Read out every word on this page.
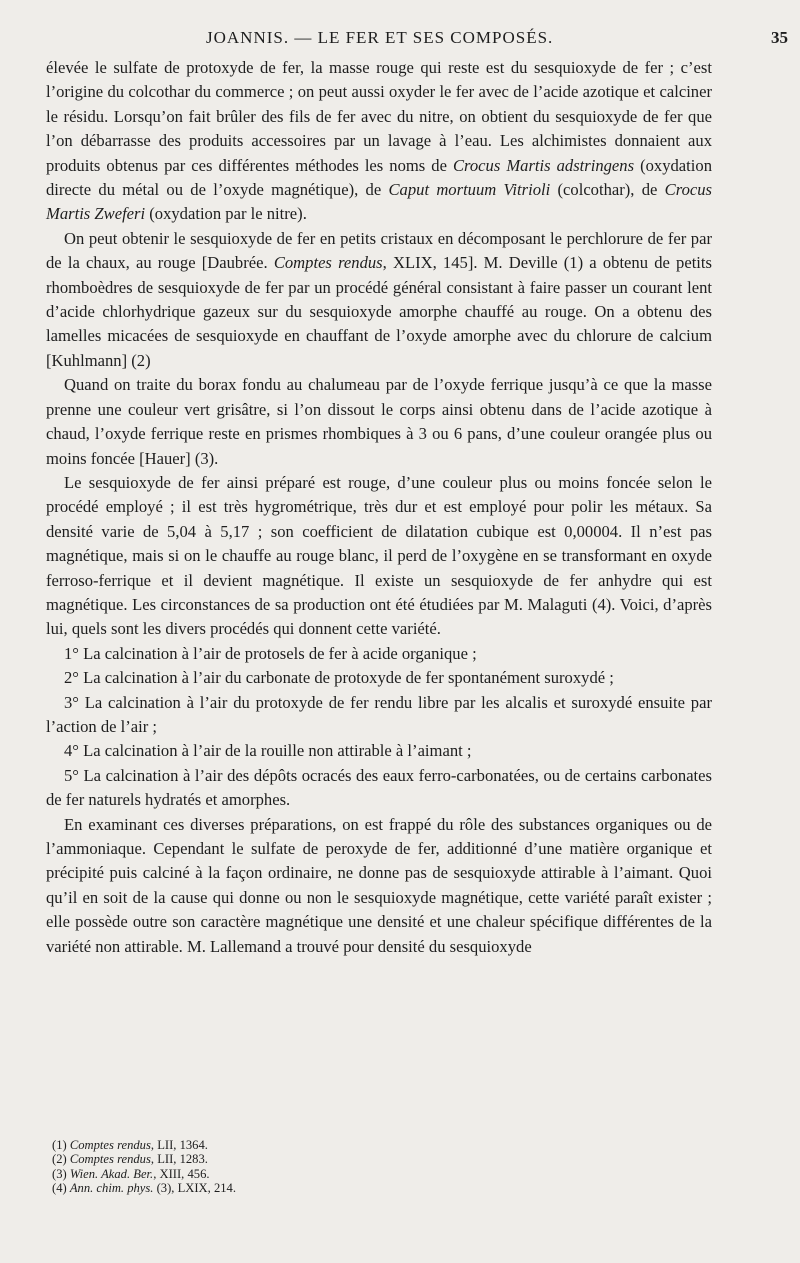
JOANNIS. — LE FER ET SES COMPOSÉS.	35

élevée le sulfate de protoxyde de fer, la masse rouge qui reste est du sesquioxyde de fer ; c’est l’origine du colcothar du commerce ; on peut aussi oxyder le fer avec de l’acide azotique et calciner le résidu. Lorsqu’on fait brûler des fils de fer avec du nitre, on obtient du sesquioxyde de fer que l’on débarrasse des produits accessoires par un lavage à l’eau. Les alchimistes donnaient aux produits obtenus par ces différentes méthodes les noms de Crocus Martis adstringens (oxydation directe du métal ou de l’oxyde magnétique), de Caput mortuum Vitrioli (colcothar), de Crocus Martis Zweferi (oxydation par le nitre).

On peut obtenir le sesquioxyde de fer en petits cristaux en décomposant le perchlorure de fer par de la chaux, au rouge [Daubrée. Comptes rendus, XLIX, 145]. M. Deville (1) a obtenu de petits rhomboèdres de sesquioxyde de fer par un procédé général consistant à faire passer un courant lent d’acide chlorhydrique gazeux sur du sesquioxyde amorphe chauffé au rouge. On a obtenu des lamelles micacées de sesquioxyde en chauffant de l’oxyde amorphe avec du chlorure de calcium [Kuhlmann] (2)

Quand on traite du borax fondu au chalumeau par de l’oxyde ferrique jusqu’à ce que la masse prenne une couleur vert grisâtre, si l’on dissout le corps ainsi obtenu dans de l’acide azotique à chaud, l’oxyde ferrique reste en prismes rhombiques à 3 ou 6 pans, d’une couleur orangée plus ou moins foncée [Hauer] (3).

Le sesquioxyde de fer ainsi préparé est rouge, d’une couleur plus ou moins foncée selon le procédé employé ; il est très hygrométrique, très dur et est employé pour polir les métaux. Sa densité varie de 5,04 à 5,17 ; son coefficient de dilatation cubique est 0,00004. Il n’est pas magnétique, mais si on le chauffe au rouge blanc, il perd de l’oxygène en se transformant en oxyde ferroso-ferrique et il devient magnétique. Il existe un sesquioxyde de fer anhydre qui est magnétique. Les circonstances de sa production ont été étudiées par M. Malaguti (4). Voici, d’après lui, quels sont les divers procédés qui donnent cette variété.

1° La calcination à l’air de protosels de fer à acide organique ;

2° La calcination à l’air du carbonate de protoxyde de fer spontanément suroxydé ;

3° La calcination à l’air du protoxyde de fer rendu libre par les alcalis et suroxydé ensuite par l’action de l’air ;

4° La calcination à l’air de la rouille non attirable à l’aimant ;

5° La calcination à l’air des dépôts ocracés des eaux ferro-carbonatées, ou de certains carbonates de fer naturels hydratés et amorphes.

En examinant ces diverses préparations, on est frappé du rôle des substances organiques ou de l’ammoniaque. Cependant le sulfate de peroxyde de fer, additionné d’une matière organique et précipité puis calciné à la façon ordinaire, ne donne pas de sesquioxyde attirable à l’aimant. Quoi qu’il en soit de la cause qui donne ou non le sesquioxyde magnétique, cette variété paraît exister ; elle possède outre son caractère magnétique une densité et une chaleur spécifique différentes de la variété non attirable. M. Lallemand a trouvé pour densité du sesquioxyde

(1) Comptes rendus, LII, 1364.
(2) Comptes rendus, LII, 1283.
(3) Wien. Akad. Ber., XIII, 456.
(4) Ann. chim. phys. (3), LXIX, 214.
